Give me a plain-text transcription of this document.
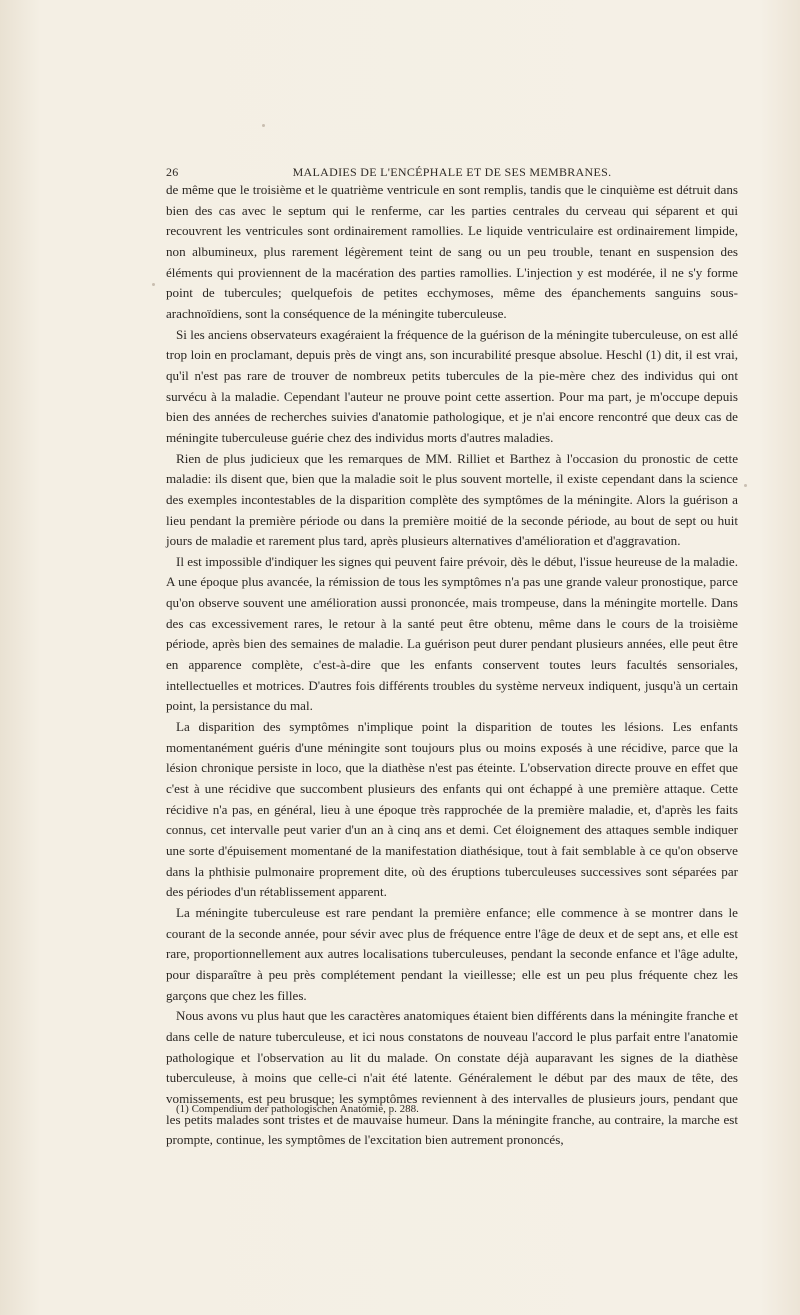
26	MALADIES DE L'ENCÉPHALE ET DE SES MEMBRANES.

de même que le troisième et le quatrième ventricule en sont remplis, tandis que le cinquième est détruit dans bien des cas avec le septum qui le renferme, car les parties centrales du cerveau qui séparent et qui recouvrent les ventricules sont ordinairement ramollies. Le liquide ventriculaire est ordinairement limpide, non albumineux, plus rarement légèrement teint de sang ou un peu trouble, tenant en suspension des éléments qui proviennent de la macération des parties ramollies. L'injection y est modérée, il ne s'y forme point de tubercules; quelquefois de petites ecchymoses, même des épanchements sanguins sous-arachnoïdiens, sont la conséquence de la méningite tuberculeuse.

Si les anciens observateurs exagéraient la fréquence de la guérison de la méningite tuberculeuse, on est allé trop loin en proclamant, depuis près de vingt ans, son incurabilité presque absolue. Heschl (1) dit, il est vrai, qu'il n'est pas rare de trouver de nombreux petits tubercules de la pie-mère chez des individus qui ont survécu à la maladie. Cependant l'auteur ne prouve point cette assertion. Pour ma part, je m'occupe depuis bien des années de recherches suivies d'anatomie pathologique, et je n'ai encore rencontré que deux cas de méningite tuberculeuse guérie chez des individus morts d'autres maladies.

Rien de plus judicieux que les remarques de MM. Rilliet et Barthez à l'occasion du pronostic de cette maladie: ils disent que, bien que la maladie soit le plus souvent mortelle, il existe cependant dans la science des exemples incontestables de la disparition complète des symptômes de la méningite. Alors la guérison a lieu pendant la première période ou dans la première moitié de la seconde période, au bout de sept ou huit jours de maladie et rarement plus tard, après plusieurs alternatives d'amélioration et d'aggravation.

Il est impossible d'indiquer les signes qui peuvent faire prévoir, dès le début, l'issue heureuse de la maladie. A une époque plus avancée, la rémission de tous les symptômes n'a pas une grande valeur pronostique, parce qu'on observe souvent une amélioration aussi prononcée, mais trompeuse, dans la méningite mortelle. Dans des cas excessivement rares, le retour à la santé peut être obtenu, même dans le cours de la troisième période, après bien des semaines de maladie. La guérison peut durer pendant plusieurs années, elle peut être en apparence complète, c'est-à-dire que les enfants conservent toutes leurs facultés sensoriales, intellectuelles et motrices. D'autres fois différents troubles du système nerveux indiquent, jusqu'à un certain point, la persistance du mal.

La disparition des symptômes n'implique point la disparition de toutes les lésions. Les enfants momentanément guéris d'une méningite sont toujours plus ou moins exposés à une récidive, parce que la lésion chronique persiste in loco, que la diathèse n'est pas éteinte. L'observation directe prouve en effet que c'est à une récidive que succombent plusieurs des enfants qui ont échappé à une première attaque. Cette récidive n'a pas, en général, lieu à une époque très rapprochée de la première maladie, et, d'après les faits connus, cet intervalle peut varier d'un an à cinq ans et demi. Cet éloignement des attaques semble indiquer une sorte d'épuisement momentané de la manifestation diathésique, tout à fait semblable à ce qu'on observe dans la phthisie pulmonaire proprement dite, où des éruptions tuberculeuses successives sont séparées par des périodes d'un rétablissement apparent.

La méningite tuberculeuse est rare pendant la première enfance; elle commence à se montrer dans le courant de la seconde année, pour sévir avec plus de fréquence entre l'âge de deux et de sept ans, et elle est rare, proportionnellement aux autres localisations tuberculeuses, pendant la seconde enfance et l'âge adulte, pour disparaître à peu près complétement pendant la vieillesse; elle est un peu plus fréquente chez les garçons que chez les filles.

Nous avons vu plus haut que les caractères anatomiques étaient bien différents dans la méningite franche et dans celle de nature tuberculeuse, et ici nous constatons de nouveau l'accord le plus parfait entre l'anatomie pathologique et l'observation au lit du malade. On constate déjà auparavant les signes de la diathèse tuberculeuse, à moins que celle-ci n'ait été latente. Généralement le début par des maux de tête, des vomissements, est peu brusque; les symptômes reviennent à des intervalles de plusieurs jours, pendant que les petits malades sont tristes et de mauvaise humeur. Dans la méningite franche, au contraire, la marche est prompte, continue, les symptômes de l'excitation bien autrement prononcés,

(1) Compendium der pathologischen Anatomie, p. 288.
